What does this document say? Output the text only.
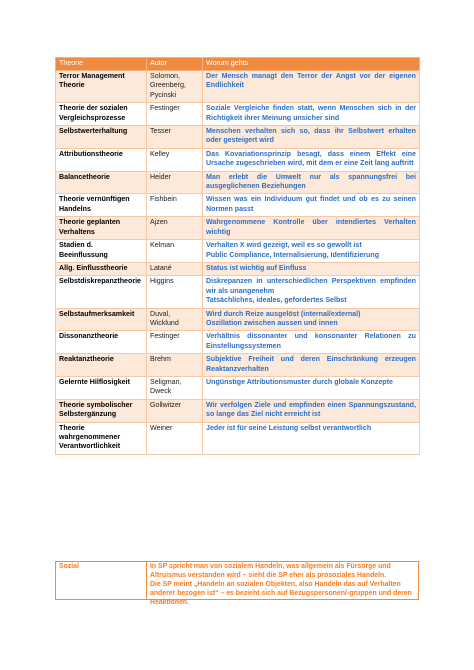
Theorie	Autor	Worum gehts
Terror Management Theorie	Solomon, Greenberg, Pycinski	Der Mensch managt den Terror der Angst vor der eigenen Endlichkeit
Theorie der sozialen Vergleichsprozesse	Festinger	Soziale Vergleiche finden statt, wenn Menschen sich in der Richtigkeit ihrer Meinung unsicher sind
Selbstwerterhaltung	Tesser	Menschen verhalten sich so, dass ihr Selbstwert erhalten oder gesteigert wird
Attributionstheorie	Kelley	Das Kovariationsprinzip besagt, dass einem Effekt eine Ursache zugeschrieben wird, mit dem er eine Zeit lang auftritt
Balancetheorie	Heider	Man erlebt die Umwelt nur als spannungsfrei bei ausgeglichenen Beziehungen
Theorie vernünftigen Handelns	Fishbein	Wissen was ein Individuum gut findet und ob es zu seinen Normen passt
Theorie geplanten Verhaltens	Ajzen	Wahrgenommene Kontrolle über intendiertes Verhalten wichtig
Stadien d. Beeinflussung	Kelman	Verhalten X wird gezeigt, weil es so gewollt ist
Public Compliance, Internalisierung, Identifizierung
Allg. Einflusstheorie	Latané	Status ist wichtig auf Einfluss
Selbstdiskrepanztheorie	Higgins	Diskrepanzen in unterschiedlichen Perspektiven empfinden wir als unangenehm
Tatsächliches, ideales, gefordertes Selbst
Selbstaufmerksamkeit	Duval, Wicklund	Wird durch Reize ausgelöst (internal/external)
Oszillation zwischen aussen und innen
Dissonanztheorie	Festinger	Verhältnis dissonanter und konsonanter Relationen zu Einstellungssystemen
Reaktanztheorie	Brehm	Subjektive Freiheit und deren Einschränkung erzeugen Reaktanzverhalten
Gelernte Hilflosigkeit	Seligman, Dweck	Ungünstige Attributionsmuster durch globale Konzepte
Theorie symbolischer Selbstergänzung	Gollwitzer	Wir verfolgen Ziele und empfinden einen Spannungszustand, so lange das Ziel nicht erreicht ist
Theorie wahrgenommener Verantwortlichkeit	Weiner	Jeder ist für seine Leistung selbst verantwortlich
Sozial	In SP spricht man von sozialem Handeln, was allgemein als Fürsorge und Altruismus verstanden wird – sieht die SP eher als prosoziales Handeln.
Die SP meint „Handeln an sozialen Objekten, also Handeln das auf Verhalten anderer bezogen ist“ – es bezieht sich auf Bezugspersonen/-gruppen und deren Reaktionen.
